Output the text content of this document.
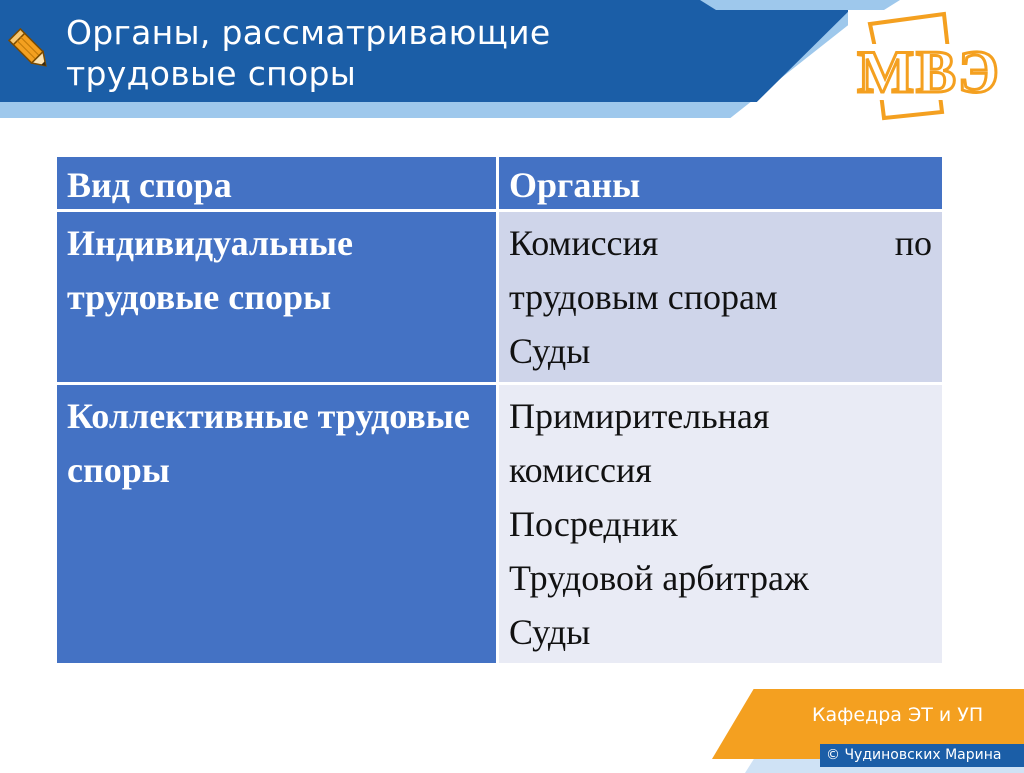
Органы, рассматривающие трудовые споры	МВЭ
Вид спора	Органы
Индивидуальные трудовые споры	Комиссия по
трудовым спорам
Суды

Коллективные трудовые споры	Примирительная
комиссия
Посредник
Трудовой арбитраж
Суды
Кафедра ЭТ и УП
© Чудиновских Марина
